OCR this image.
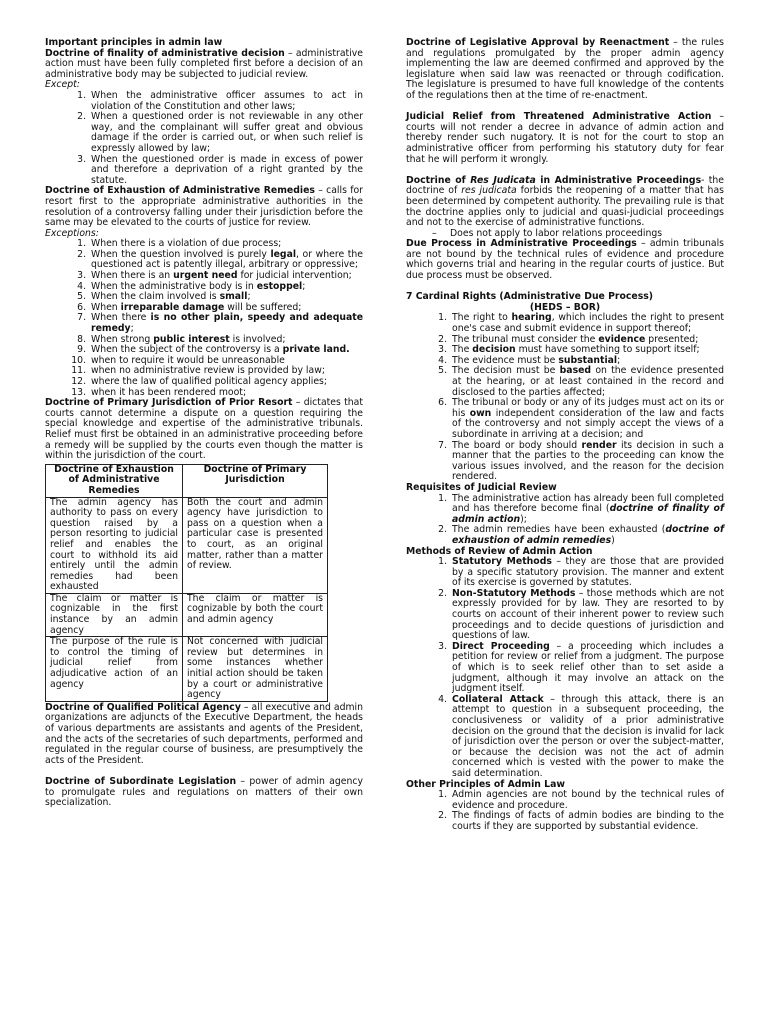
Important principles in admin law

Doctrine of finality of administrative decision – administrative action must have been fully completed first before a decision of an administrative body may be subjected to judicial review.

Except:

1. When the administrative officer assumes to act in violation of the Constitution and other laws;
2. When a questioned order is not reviewable in any other way, and the complainant will suffer great and obvious damage if the order is carried out, or when such relief is expressly allowed by law;
3. When the questioned order is made in excess of power and therefore a deprivation of a right granted by the statute.

Doctrine of Exhaustion of Administrative Remedies – calls for resort first to the appropriate administrative authorities in the resolution of a controversy falling under their jurisdiction before the same may be elevated to the courts of justice for review.

Exceptions:

1. When there is a violation of due process;
2. When the question involved is purely legal, or where the questioned act is patently illegal, arbitrary or oppressive;
3. When there is an urgent need for judicial intervention;
4. When the administrative body is in estoppel;
5. When the claim involved is small;
6. When irreparable damage will be suffered;
7. When there is no other plain, speedy and adequate remedy;
8. When strong public interest is involved;
9. When the subject of the controversy is a private land.
10. when to require it would be unreasonable
11. when no administrative review is provided by law;
12. where the law of qualified political agency applies;
13. when it has been rendered moot;

Doctrine of Primary Jurisdiction of Prior Resort – dictates that courts cannot determine a dispute on a question requiring the special knowledge and expertise of the administrative tribunals. Relief must first be obtained in an administrative proceeding before a remedy will be supplied by the courts even though the matter is within the jurisdiction of the court.

Doctrine of Exhaustion of Administrative Remedies	Doctrine of Primary Jurisdiction
The admin agency has authority to pass on every question raised by a person resorting to judicial relief and enables the court to withhold its aid entirely until the admin remedies had been exhausted	Both the court and admin agency have jurisdiction to pass on a question when a particular case is presented to court, as an original matter, rather than a matter of review.
The claim or matter is cognizable in the first instance by an admin agency	The claim or matter is cognizable by both the court and admin agency
The purpose of the rule is to control the timing of judicial relief from adjudicative action of an agency	Not concerned with judicial review but determines in some instances whether initial action should be taken by a court or administrative agency

Doctrine of Qualified Political Agency – all executive and admin organizations are adjuncts of the Executive Department, the heads of various departments are assistants and agents of the President, and the acts of the secretaries of such departments, performed and regulated in the regular course of business, are presumptively the acts of the President.

Doctrine of Subordinate Legislation – power of admin agency to promulgate rules and regulations on matters of their own specialization.

Doctrine of Legislative Approval by Reenactment – the rules and regulations promulgated by the proper admin agency implementing the law are deemed confirmed and approved by the legislature when said law was reenacted or through codification. The legislature is presumed to have full knowledge of the contents of the regulations then at the time of re-enactment.

Judicial Relief from Threatened Administrative Action – courts will not render a decree in advance of admin action and thereby render such nugatory. It is not for the court to stop an administrative officer from performing his statutory duty for fear that he will perform it wrongly.

Doctrine of Res Judicata in Administrative Proceedings- the doctrine of res judicata forbids the reopening of a matter that has been determined by competent authority. The prevailing rule is that the doctrine applies only to judicial and quasi-judicial proceedings and not to the exercise of administrative functions.

– Does not apply to labor relations proceedings

Due Process in Administrative Proceedings – admin tribunals are not bound by the technical rules of evidence and procedure which governs trial and hearing in the regular courts of justice. But due process must be observed.

7 Cardinal Rights (Administrative Due Process)

(HEDS – BOR)

1. The right to hearing, which includes the right to present one's case and submit evidence in support thereof;
2. The tribunal must consider the evidence presented;
3. The decision must have something to support itself;
4. The evidence must be substantial;
5. The decision must be based on the evidence presented at the hearing, or at least contained in the record and disclosed to the parties affected;
6. The tribunal or body or any of its judges must act on its or his own independent consideration of the law and facts of the controversy and not simply accept the views of a subordinate in arriving at a decision; and
7. The board or body should render its decision in such a manner that the parties to the proceeding can know the various issues involved, and the reason for the decision rendered.

Requisites of Judicial Review

1. The administrative action has already been full completed and has therefore become final (doctrine of finality of admin action);
2. The admin remedies have been exhausted (doctrine of exhaustion of admin remedies)

Methods of Review of Admin Action

1. Statutory Methods – they are those that are provided by a specific statutory provision. The manner and extent of its exercise is governed by statutes.
2. Non-Statutory Methods – those methods which are not expressly provided for by law. They are resorted to by courts on account of their inherent power to review such proceedings and to decide questions of jurisdiction and questions of law.
3. Direct Proceeding – a proceeding which includes a petition for review or relief from a judgment. The purpose of which is to seek relief other than to set aside a judgment, although it may involve an attack on the judgment itself.
4. Collateral Attack – through this attack, there is an attempt to question in a subsequent proceeding, the conclusiveness or validity of a prior administrative decision on the ground that the decision is invalid for lack of jurisdiction over the person or over the subject-matter, or because the decision was not the act of admin concerned which is vested with the power to make the said determination.

Other Principles of Admin Law

1. Admin agencies are not bound by the technical rules of evidence and procedure.
2. The findings of facts of admin bodies are binding to the courts if they are supported by substantial evidence.
